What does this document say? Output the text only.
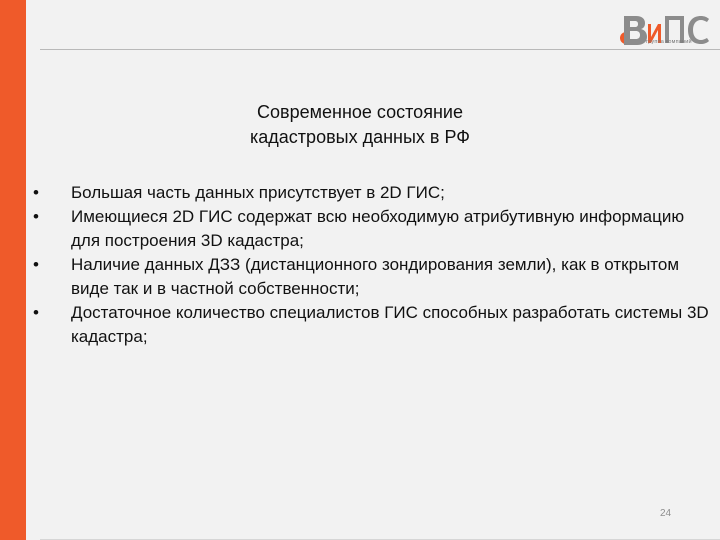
группа компаний
Современное состояние
кадастровых данных в РФ
• Большая часть данных присутствует в 2D ГИС;
• Имеющиеся 2D ГИС содержат всю необходимую атрибутивную информацию для построения 3D кадастра;
• Наличие данных ДЗЗ (дистанционного зондирования земли), как в открытом виде так и в частной собственности;
• Достаточное количество специалистов ГИС способных разработать системы 3D кадастра;
24
